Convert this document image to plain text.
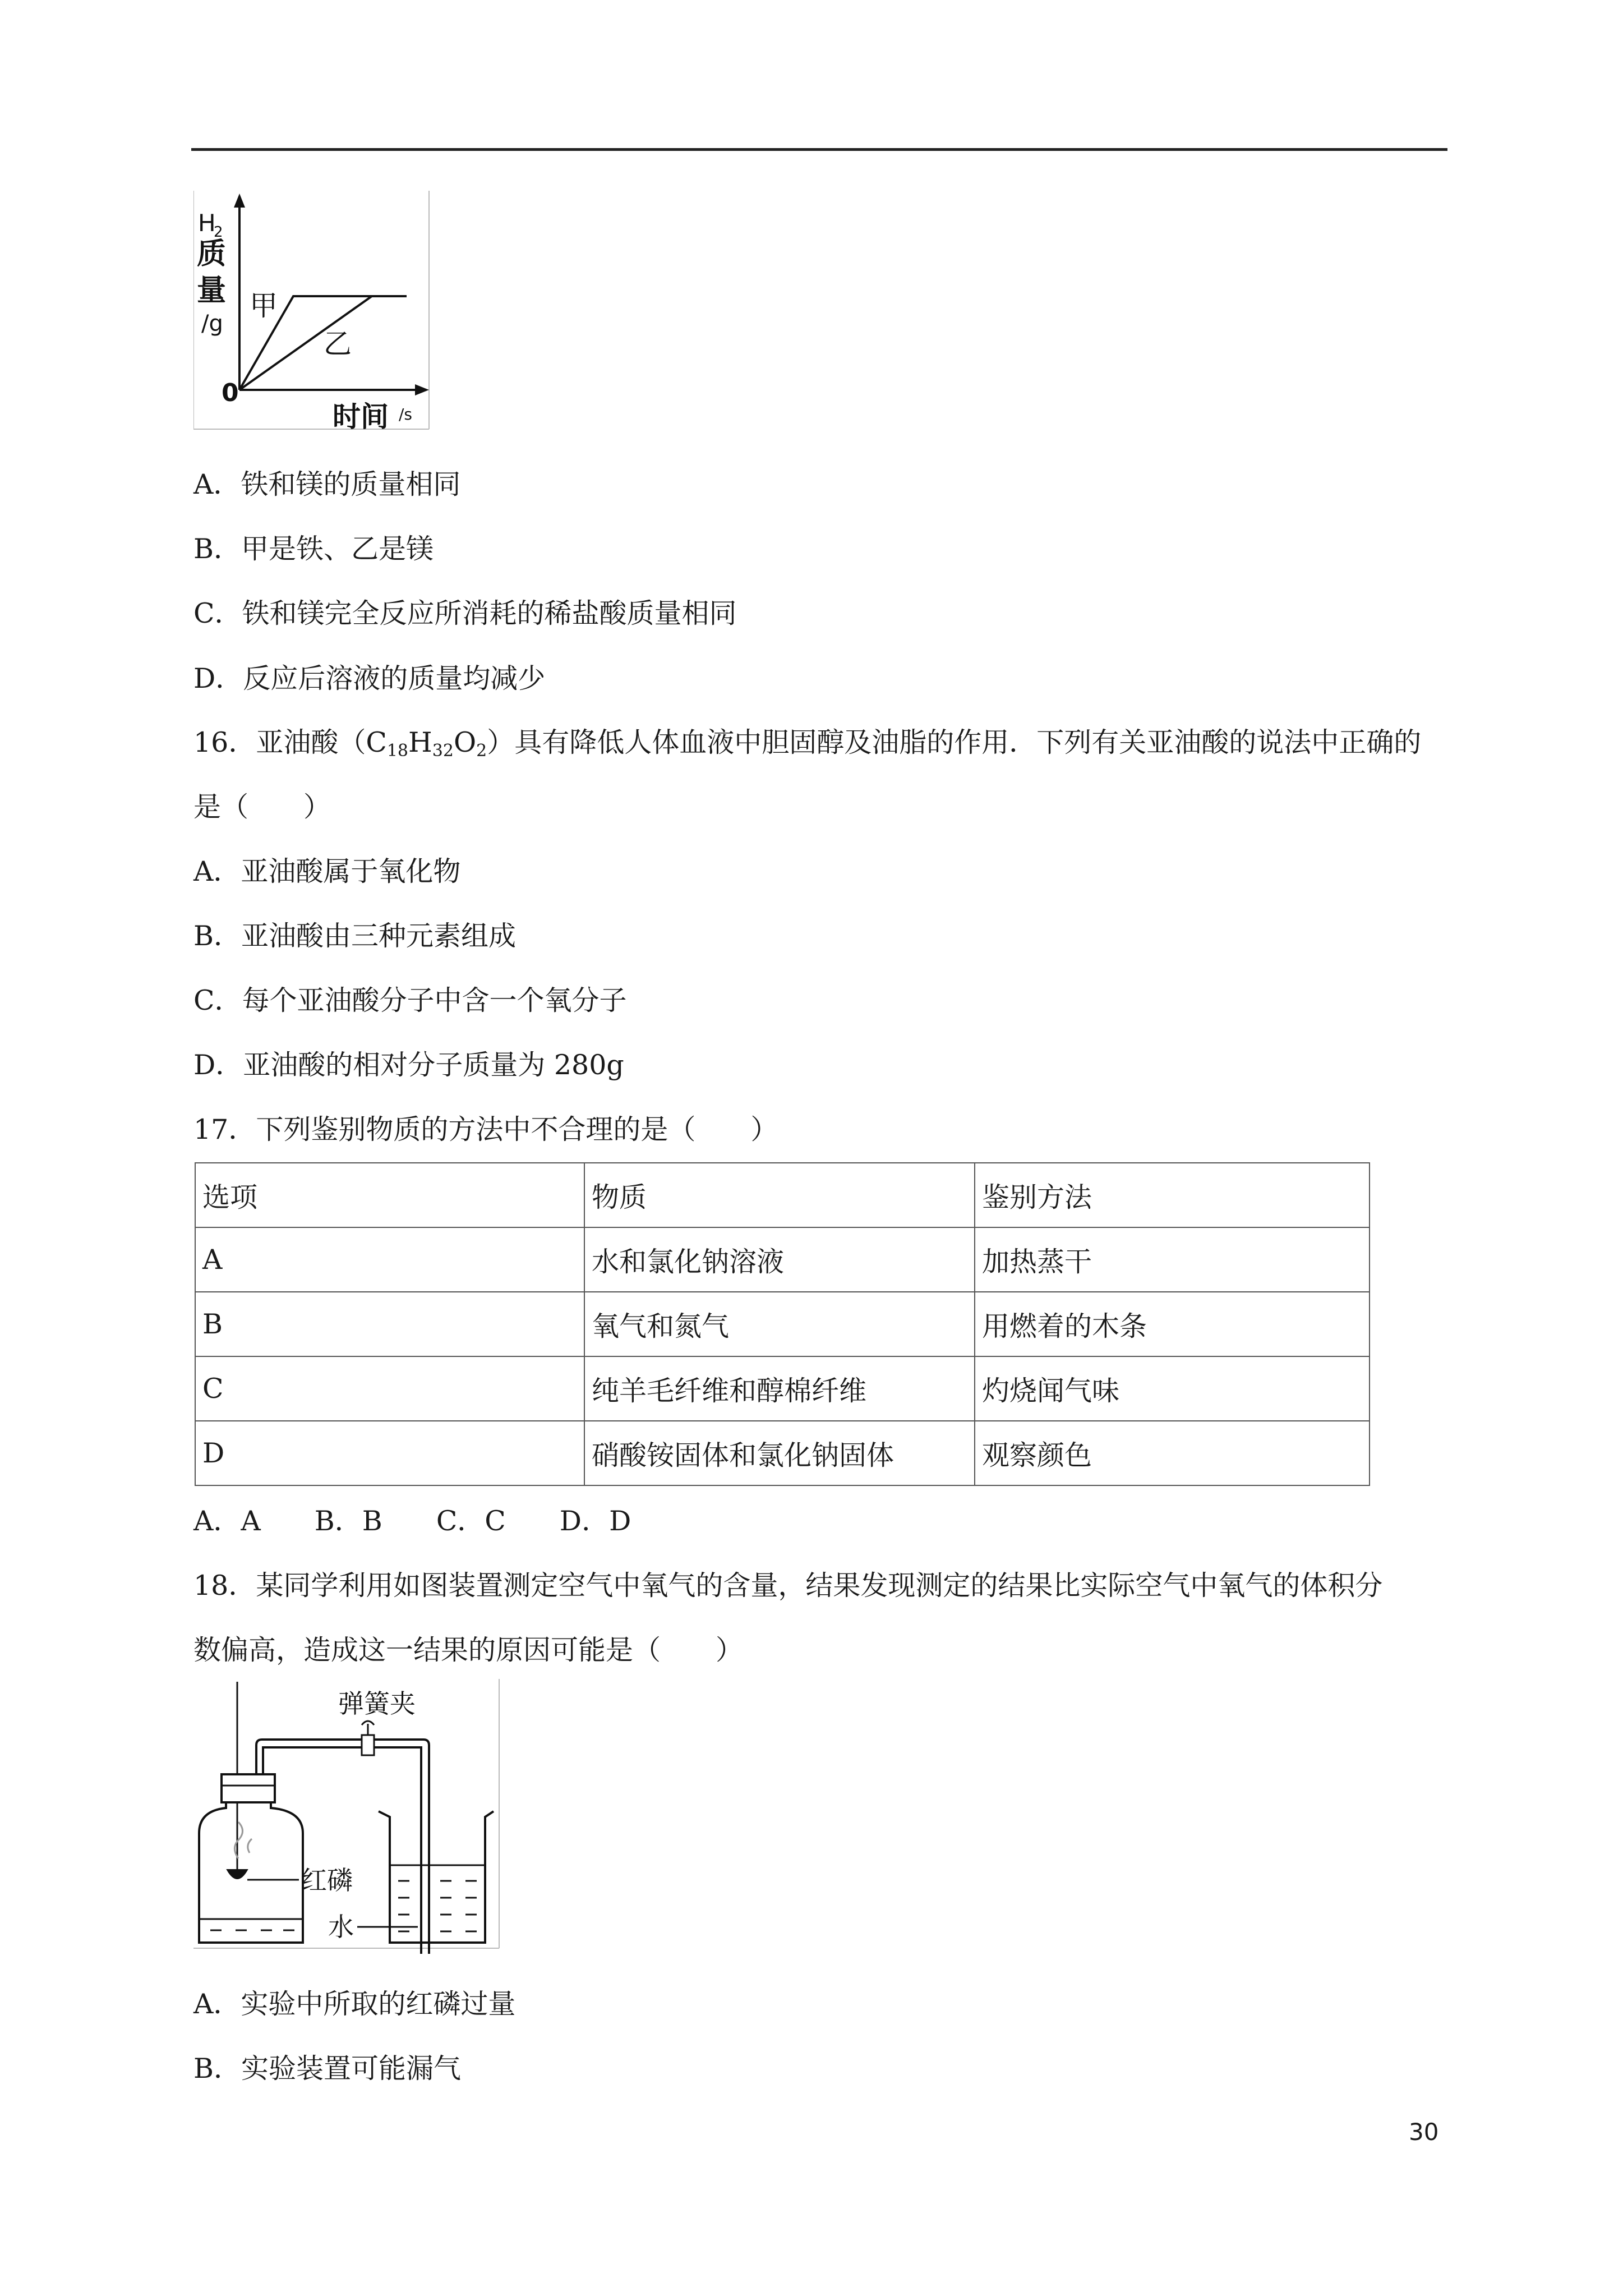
H
2
质
量
/g
0
时间 /s
甲
乙
A．铁和镁的质量相同
B．甲是铁、乙是镁
C．铁和镁完全反应所消耗的稀盐酸质量相同
D．反应后溶液的质量均减少
16．亚油酸$(C_{18}H_{32}O_2)$具有降低人体血液中胆固醇及油脂的作用．下列有关亚油酸的说法中正确的
是（　　）
A．亚油酸属于氧化物
B．亚油酸由三种元素组成
C．每个亚油酸分子中含一个氧分子
D．亚油酸的相对分子质量为 280g
17．下列鉴别物质的方法中不合理的是（　　）
选项	物质	鉴别方法
A	水和氯化钠溶液	加热蒸干
B	氧气和氮气	用燃着的木条
C	纯羊毛纤维和醇棉纤维	灼烧闻气味
D	硝酸铵固体和氯化钠固体	观察颜色
A．A B．B C．C D．D
18．某同学利用如图装置测定空气中氧气的含量，结果发现测定的结果比实际空气中氧气的体积分
数偏高，造成这一结果的原因可能是（　　）
弹簧夹
红磷
水
A．实验中所取的红磷过量
B．实验装置可能漏气
30
